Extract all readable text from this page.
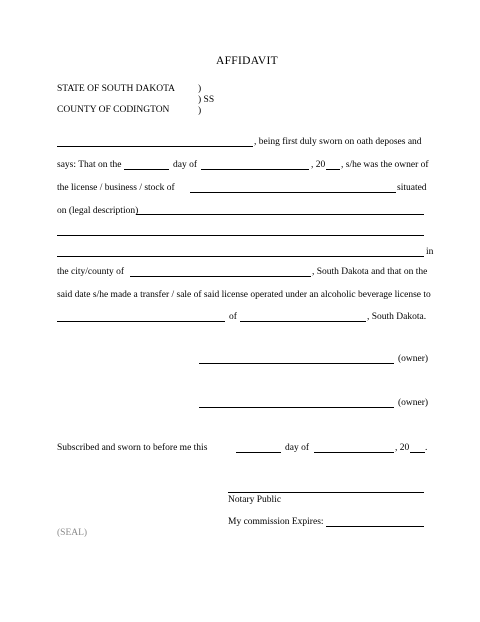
AFFIDAVIT
STATE OF SOUTH DAKOTA )
) SS
COUNTY OF CODINGTON	)
, being first duly sworn on oath deposes and
says: That on the	day of	, 20 , s/he was the owner of
the license / business / stock of	situated
on (legal description)
in
the city/county of	, South Dakota and that on the
said date s/he made a transfer / sale of said license operated under an alcoholic beverage license to
of	, South Dakota.
(owner)
(owner)
Subscribed and sworn to before me this	day of	, 20 .
Notary Public
My commission Expires:
(SEAL)
